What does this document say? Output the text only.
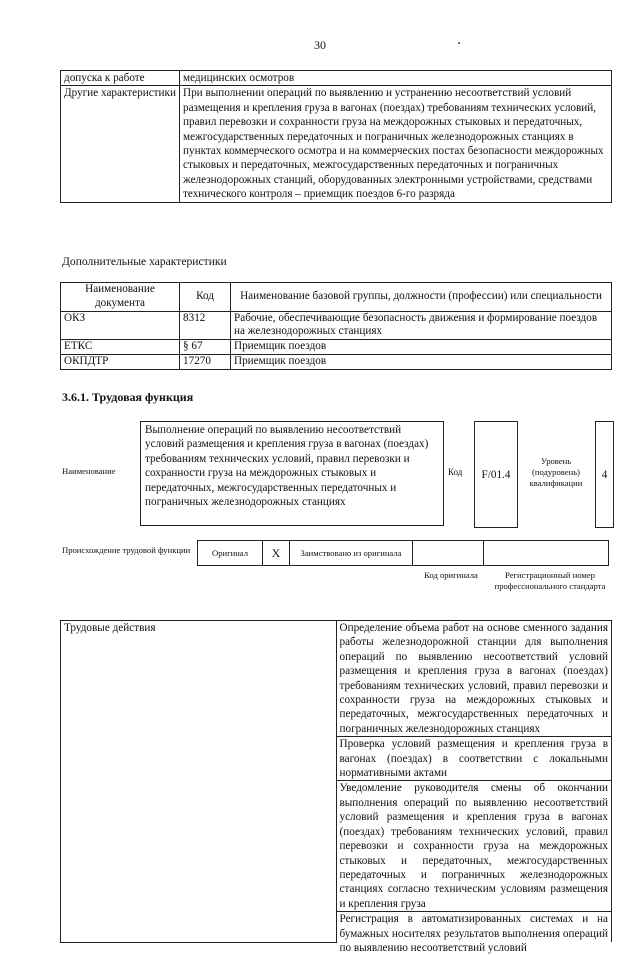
30
допуска к работе	медицинских осмотров
Другие характеристики	При выполнении операций по выявлению и устранению несоответствий условий размещения и крепления груза в вагонах (поездах) требованиям технических условий, правил перевозки и сохранности груза на междорожных стыковых и передаточных, межгосударственных передаточных и пограничных железнодорожных станциях в пунктах коммерческого осмотра и на коммерческих постах безопасности междорожных стыковых и передаточных, межгосударственных передаточных и пограничных железнодорожных станций, оборудованных электронными устройствами, средствами технического контроля – приемщик поездов 6-го разряда
Дополнительные характеристики
Наименование документа	Код	Наименование базовой группы, должности (профессии) или специальности
ОКЗ	8312	Рабочие, обеспечивающие безопасность движения и формирование поездов на железнодорожных станциях
ЕТКС	§ 67	Приемщик поездов
ОКПДТР	17270	Приемщик поездов
3.6.1. Трудовая функция
Наименование
Выполнение операций по выявлению несоответствий условий размещения и крепления груза в вагонах (поездах) требованиям технических условий, правил перевозки и сохранности груза на междорожных стыковых и передаточных, межгосударственных передаточных и пограничных железнодорожных станциях
Код	F/01.4
Уровень (подуровень) квалификации
4
Происхождение трудовой функции	Оригинал	X	Заимствовано из оригинала		
Код оригинала	Регистрационный номер профессионального стандарта
Трудовые действия	Определение объема работ на основе сменного задания работы железнодорожной станции для выполнения операций по выявлению несоответствий условий размещения и крепления груза в вагонах (поездах) требованиям технических условий, правил перевозки и сохранности груза на междорожных стыковых и передаточных, межгосударственных передаточных и пограничных железнодорожных станциях
Проверка условий размещения и крепления груза в вагонах (поездах) в соответствии с локальными нормативными актами
Уведомление руководителя смены об окончании выполнения операций по выявлению несоответствий условий размещения и крепления груза в вагонах (поездах) требованиям технических условий, правил перевозки и сохранности груза на междорожных стыковых и передаточных, межгосударственных передаточных и пограничных железнодорожных станциях согласно техническим условиям размещения и крепления груза

Регистрация в автоматизированных системах и на бумажных носителях результатов выполнения операций по выявлению несоответствий условий
